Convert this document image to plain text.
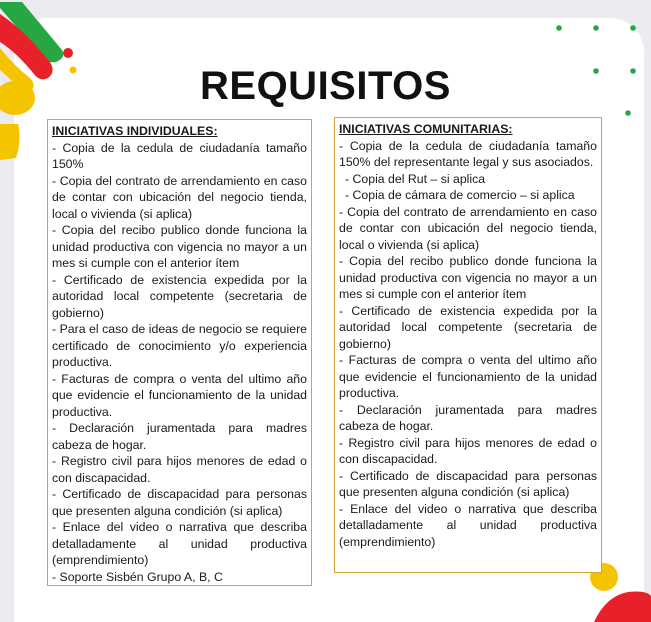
REQUISITOS
INICIATIVAS INDIVIDUALES:
- Copia de la cedula de ciudadanía tamaño 150%
- Copia del contrato de arrendamiento en caso de contar con ubicación del negocio tienda, local o vivienda (si aplica)
- Copia del recibo publico donde funciona la unidad productiva con vigencia no mayor a un mes si cumple con el anterior ítem
- Certificado de existencia expedida por la autoridad local competente (secretaria de gobierno)
- Para el caso de ideas de negocio se requiere certificado de conocimiento y/o experiencia productiva.
- Facturas de compra o venta del ultimo año que evidencie el funcionamiento de la unidad productiva.
- Declaración juramentada para madres cabeza de hogar.
- Registro civil para hijos menores de edad o con discapacidad.
- Certificado de discapacidad para personas que presenten alguna condición (si aplica)
- Enlace del video o narrativa que describa detalladamente al unidad productiva (emprendimiento)
- Soporte Sisbén Grupo A, B, C
INICIATIVAS COMUNITARIAS:
- Copia de la cedula de ciudadanía tamaño 150% del representante legal y sus asociados.
- Copia del Rut – si aplica
- Copia de cámara de comercio – si aplica
- Copia del contrato de arrendamiento en caso de contar con ubicación del negocio tienda, local o vivienda (si aplica)
- Copia del recibo publico donde funciona la unidad productiva con vigencia no mayor a un mes si cumple con el anterior ítem
- Certificado de existencia expedida por la autoridad local competente (secretaria de gobierno)
- Facturas de compra o venta del ultimo año que evidencie el funcionamiento de la unidad productiva.
- Declaración juramentada para madres cabeza de hogar.
- Registro civil para hijos menores de edad o con discapacidad.
- Certificado de discapacidad para personas que presenten alguna condición (si aplica)
- Enlace del video o narrativa que describa detalladamente al unidad productiva (emprendimiento)
